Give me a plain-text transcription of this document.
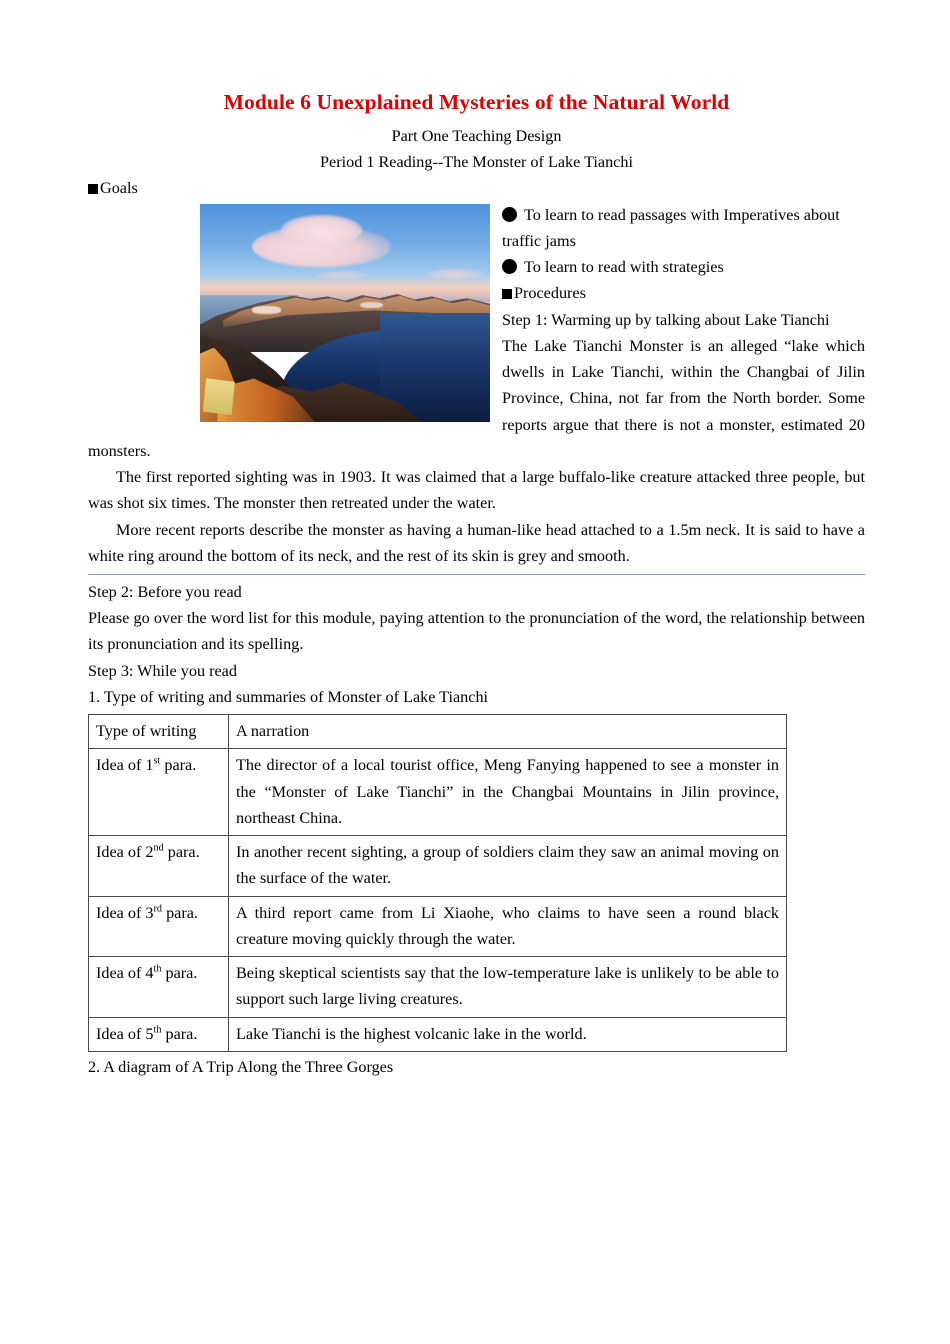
Module 6 Unexplained Mysteries of the Natural World

Part One Teaching Design

Period 1 Reading--The Monster of Lake Tianchi

Goals

To learn to read passages with Imperatives about traffic jams

To learn to read with strategies

Procedures

Step 1: Warming up by talking about Lake Tianchi

The Lake Tianchi Monster is an alleged “lake which dwells in Lake Tianchi, within the Changbai of Jilin Province, China, not far from the North border. Some reports argue that there is not a monster, estimated 20 monsters.

The first reported sighting was in 1903. It was claimed that a large buffalo-like creature attacked three people, but was shot six times. The monster then retreated under the water.

More recent reports describe the monster as having a human-like head attached to a 1.5m neck. It is said to have a white ring around the bottom of its neck, and the rest of its skin is grey and smooth.

Step 2: Before you read

Please go over the word list for this module, paying attention to the pronunciation of the word, the relationship between its pronunciation and its spelling.

Step 3: While you read

1. Type of writing and summaries of Monster of Lake Tianchi

Type of writing	A narration
Idea of 1st para.	The director of a local tourist office, Meng Fanying happened to see a monster in the “Monster of Lake Tianchi” in the Changbai Mountains in Jilin province, northeast China.
Idea of 2nd para.	In another recent sighting, a group of soldiers claim they saw an animal moving on the surface of the water.
Idea of 3rd para.	A third report came from Li Xiaohe, who claims to have seen a round black creature moving quickly through the water.
Idea of 4th para.	Being skeptical scientists say that the low-temperature lake is unlikely to be able to support such large living creatures.
Idea of 5th para.	Lake Tianchi is the highest volcanic lake in the world.

2. A diagram of A Trip Along the Three Gorges
